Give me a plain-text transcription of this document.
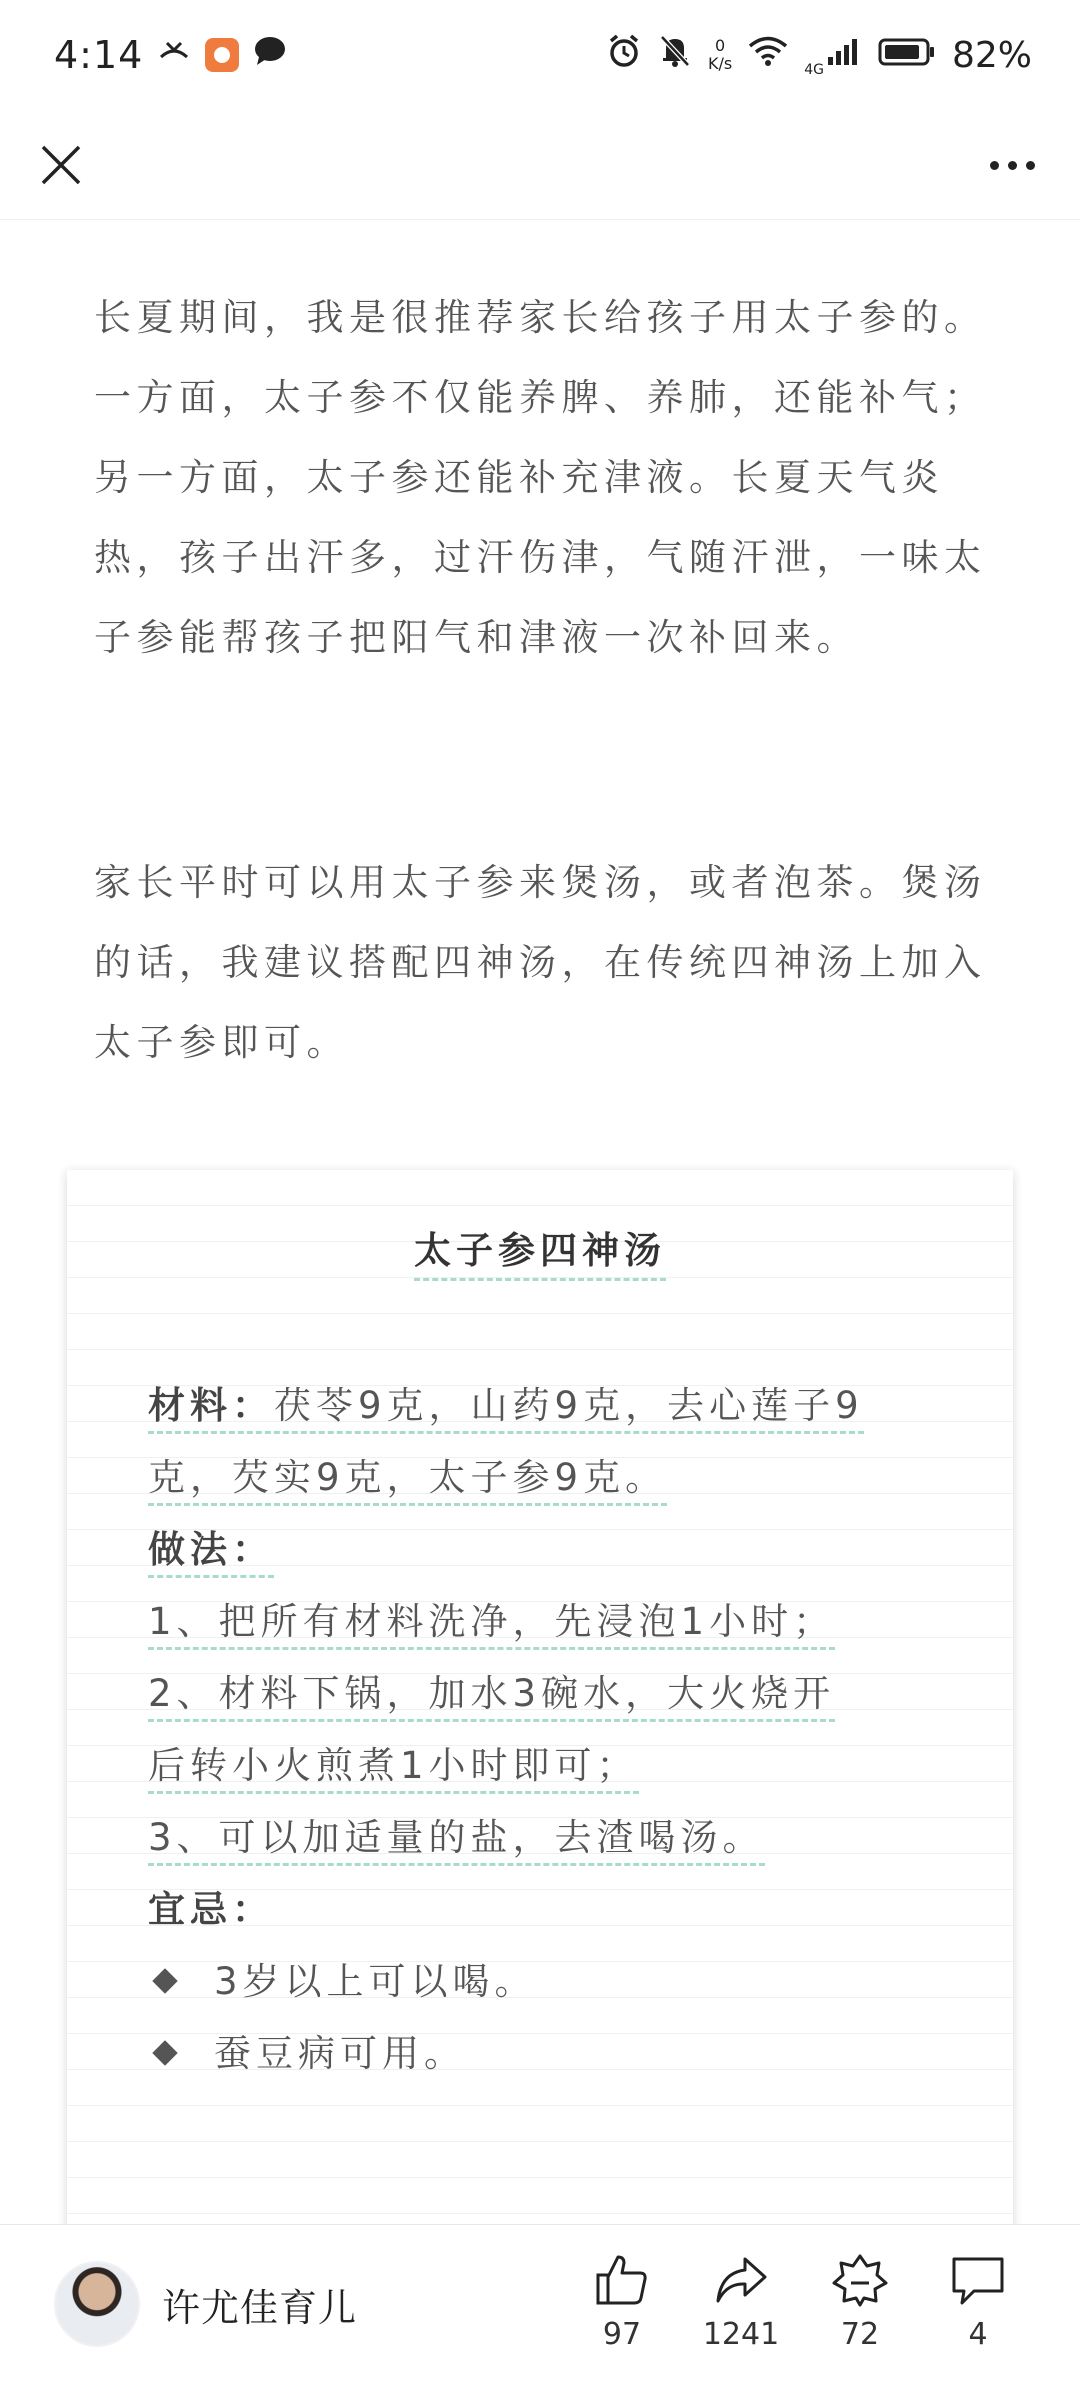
4:14	0
K/s	4G	82%
长夏期间，我是很推荐家长给孩子用太子参的。一方面，太子参不仅能养脾、养肺，还能补气；另一方面，太子参还能补充津液。长夏天气炎热，孩子出汗多，过汗伤津，气随汗泄，一味太子参能帮孩子把阳气和津液一次补回来。
家长平时可以用太子参来煲汤，或者泡茶。煲汤的话，我建议搭配四神汤，在传统四神汤上加入太子参即可。
太子参四神汤
材料：茯苓9克，山药9克，去心莲子9
克，芡实9克，太子参9克。
做法：
1、把所有材料洗净，先浸泡1小时；
2、材料下锅，加水3碗水，大火烧开
后转小火煎煮1小时即可；
3、可以加适量的盐，去渣喝汤。
宜忌：
3岁以上可以喝。
蚕豆病可用。
许尤佳育儿
97	1241	72	4
